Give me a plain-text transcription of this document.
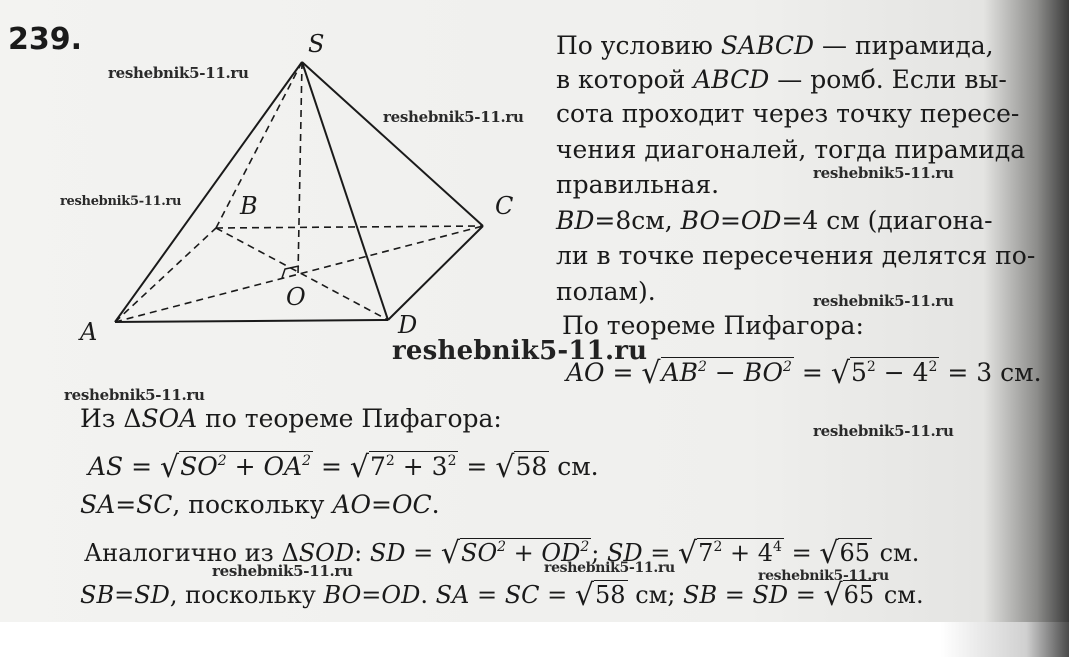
239.	S
A
B	C
D
O
reshebnik5-11.ru
reshebnik5-11.ru
reshebnik5-11.ru
reshebnik5-11.ru
reshebnik5-11.ru
reshebnik5-11.ru
reshebnik5-11.ru
reshebnik5-11.ru
reshebnik5-11.ru	reshebnik5-11.ru	reshebnik5-11.ru
По условию SABCD — пирамида,
в которой ABCD — ромб. Если вы-
сота проходит через точку пересе-
чения диагоналей, тогда пирамида
правильная.
BD=8см, BO=OD=4 см (диагона-
ли в точке пересечения делятся по-
полам).
По теореме Пифагора:
AO = $√AB^2 - BO^2 = √5^2 - 4^2 = 3$ см.
Из ΔSOA по теореме Пифагора:
AS = $√SO^2 + OA^2 = √7^2 + 3^2 = √58$ см.
SA=SC, поскольку AO=OC.
Аналогично из ΔSOD: SD = $√SO^2 + OD^2$; SD = $√7^2 + 4^4 = √65$ см.
SB=SD, поскольку BO=OD. SA = SC = √58 см; SB = SD = √65 см.
